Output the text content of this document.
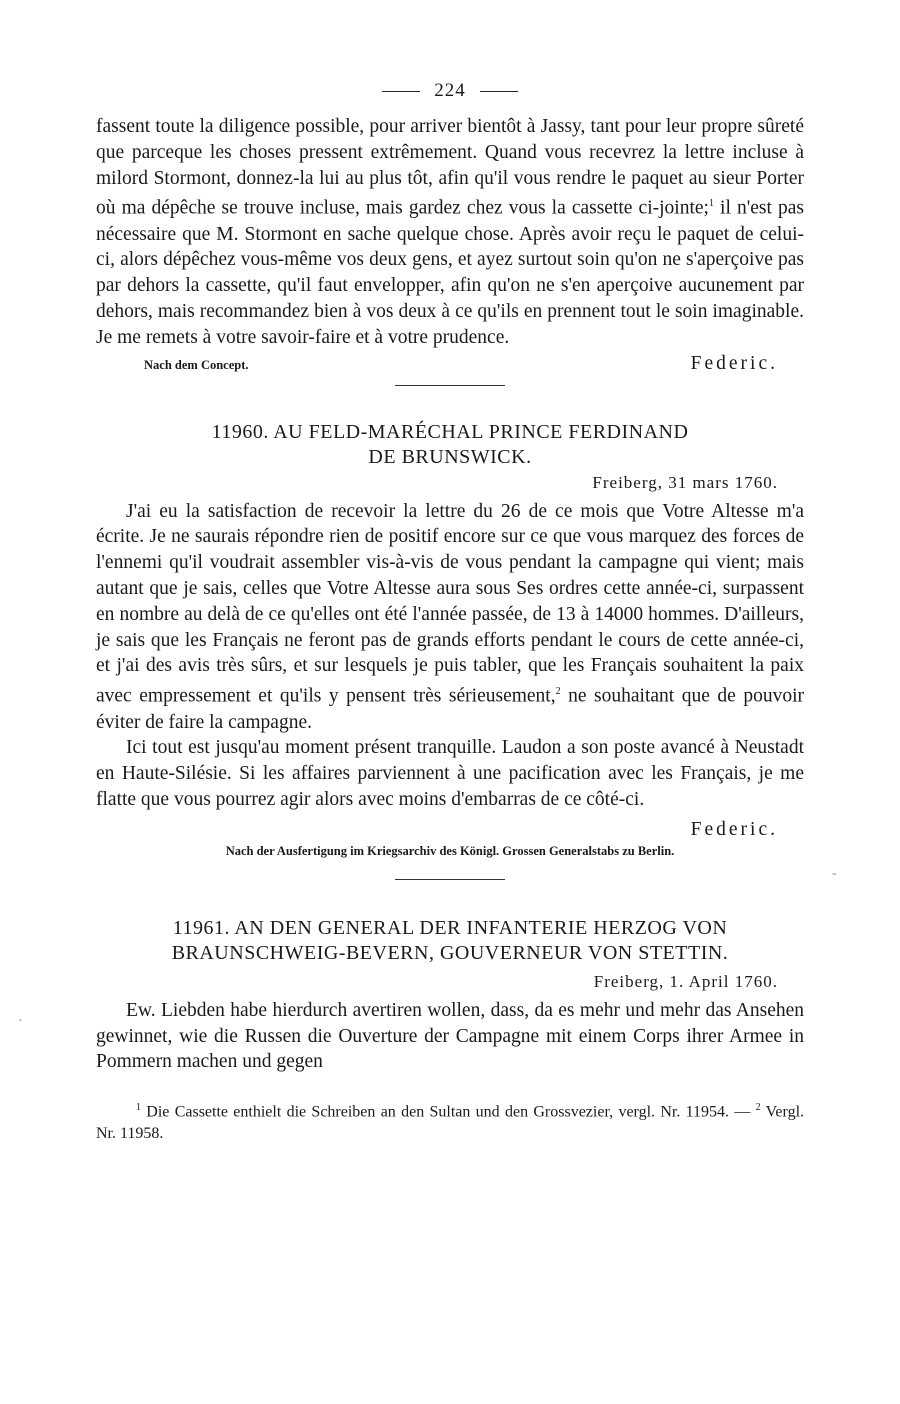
224

fassent toute la diligence possible, pour arriver bientôt à Jassy, tant pour leur propre sûreté que parceque les choses pressent extrêmement. Quand vous recevrez la lettre incluse à milord Stormont, donnez-la lui au plus tôt, afin qu'il vous rendre le paquet au sieur Porter où ma dépêche se trouve incluse, mais gardez chez vous la cassette ci-jointe;$^1$ il n'est pas nécessaire que M. Stormont en sache quelque chose. Après avoir reçu le paquet de celui-ci, alors dépêchez vous-même vos deux gens, et ayez surtout soin qu'on ne s'aperçoive pas par dehors la cassette, qu'il faut envelopper, afin qu'on ne s'en aperçoive aucunement par dehors, mais recommandez bien à vos deux à ce qu'ils en prennent tout le soin imaginable. Je me remets à votre savoir-faire et à votre prudence.

Nach dem Concept.	Federic.
11960. AU FELD-MARÉCHAL PRINCE FERDINAND
DE BRUNSWICK.
Freiberg, 31 mars 1760.

J'ai eu la satisfaction de recevoir la lettre du 26 de ce mois que Votre Altesse m'a écrite. Je ne saurais répondre rien de positif encore sur ce que vous marquez des forces de l'ennemi qu'il voudrait assembler vis-à-vis de vous pendant la campagne qui vient; mais autant que je sais, celles que Votre Altesse aura sous Ses ordres cette année-ci, surpassent en nombre au delà de ce qu'elles ont été l'année passée, de 13 à 14000 hommes. D'ailleurs, je sais que les Français ne feront pas de grands efforts pendant le cours de cette année-ci, et j'ai des avis très sûrs, et sur lesquels je puis tabler, que les Français souhaitent la paix avec empressement et qu'ils y pensent très sérieusement,$^2$ ne souhaitant que de pouvoir éviter de faire la campagne.

Ici tout est jusqu'au moment présent tranquille. Laudon a son poste avancé à Neustadt en Haute-Silésie. Si les affaires parviennent à une pacification avec les Français, je me flatte que vous pourrez agir alors avec moins d'embarras de ce côté-ci.

Federic.
Nach der Ausfertigung im Kriegsarchiv des Königl. Grossen Generalstabs zu Berlin.
11961. AN DEN GENERAL DER INFANTERIE HERZOG VON
BRAUNSCHWEIG-BEVERN, GOUVERNEUR VON STETTIN.
Freiberg, 1. April 1760.

Ew. Liebden habe hierdurch avertiren wollen, dass, da es mehr und mehr das Ansehen gewinnet, wie die Russen die Ouverture der Campagne mit einem Corps ihrer Armee in Pommern machen und gegen

$^1$ Die Cassette enthielt die Schreiben an den Sultan und den Grossvezier, vergl. Nr. 11954. — $^2$ Vergl. Nr. 11958.
-
·
